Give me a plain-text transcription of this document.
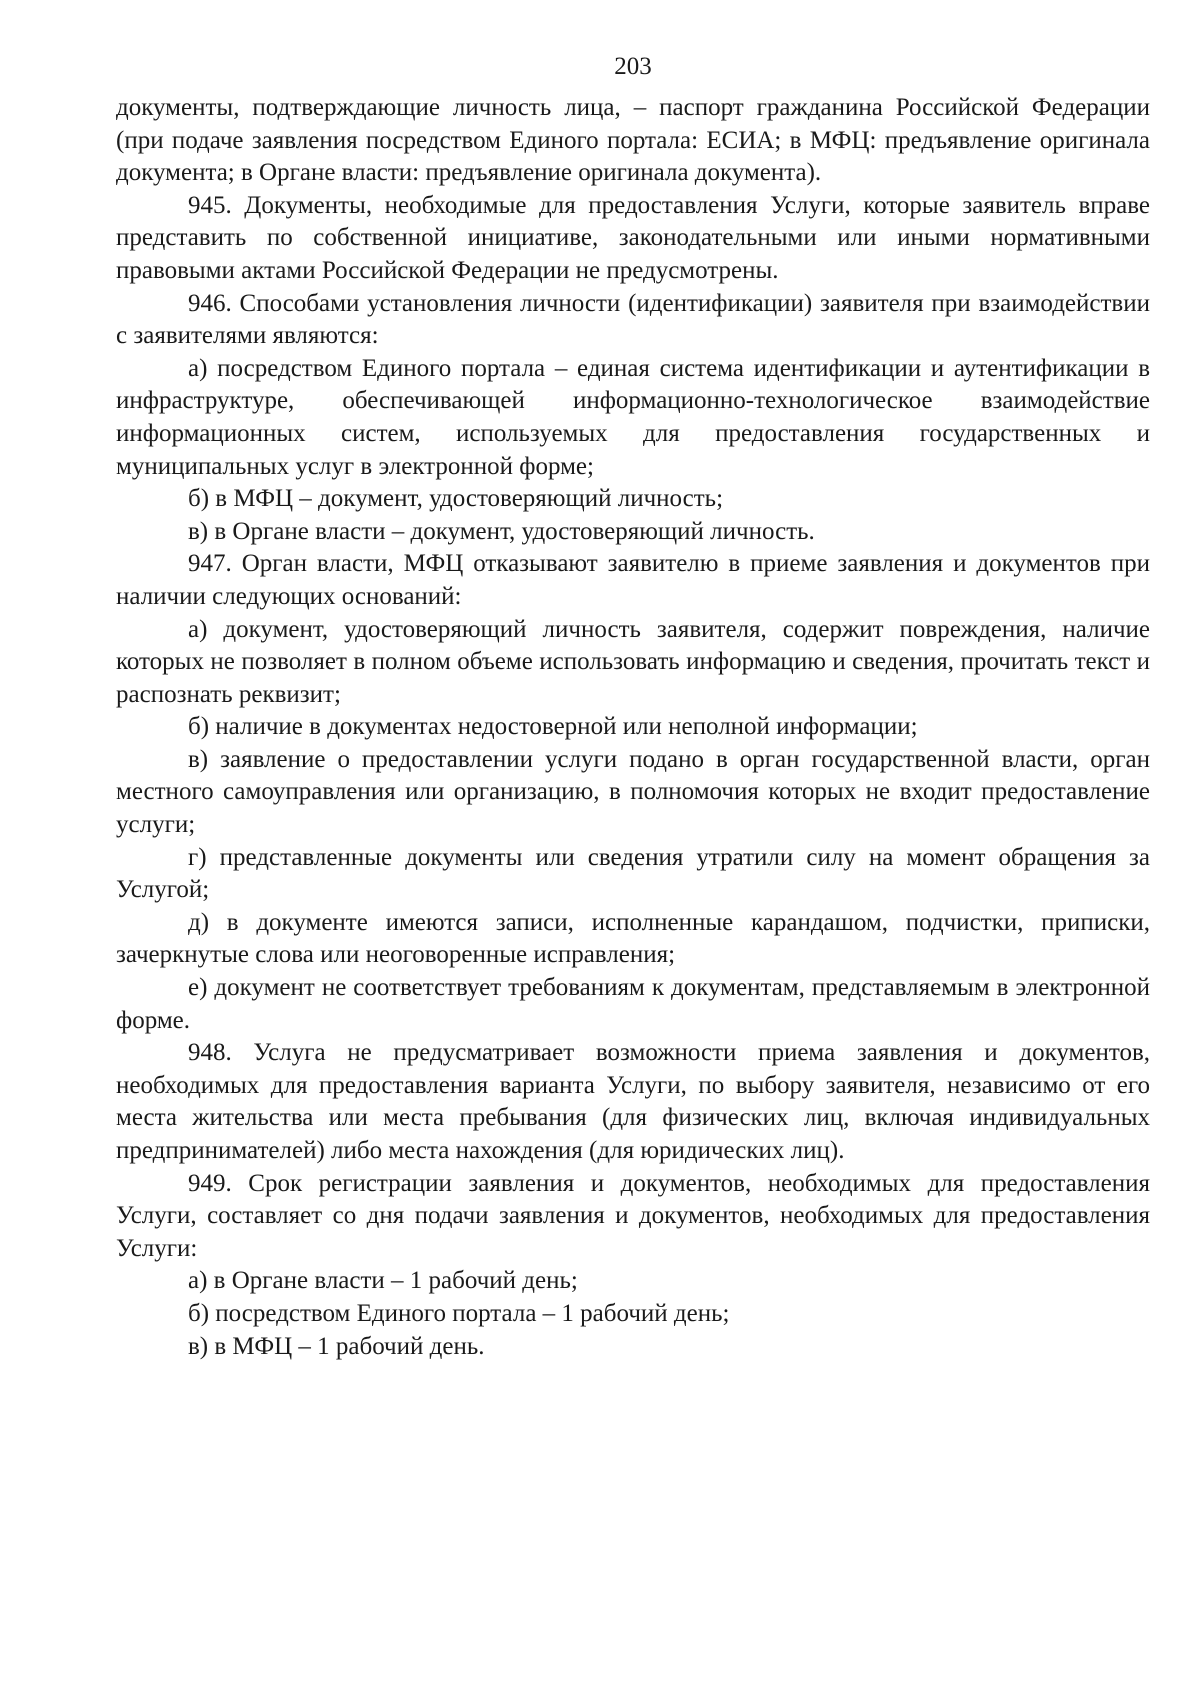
203

документы, подтверждающие личность лица, – паспорт гражданина Российской Федерации (при подаче заявления посредством Единого портала: ЕСИА; в МФЦ: предъявление оригинала документа; в Органе власти: предъявление оригинала документа).

945. Документы, необходимые для предоставления Услуги, которые заявитель вправе представить по собственной инициативе, законодательными или иными нормативными правовыми актами Российской Федерации не предусмотрены.

946. Способами установления личности (идентификации) заявителя при взаимодействии с заявителями являются:

а) посредством Единого портала – единая система идентификации и аутентификации в инфраструктуре, обеспечивающей информационно-технологическое взаимодействие информационных систем, используемых для предоставления государственных и муниципальных услуг в электронной форме;

б) в МФЦ – документ, удостоверяющий личность;

в) в Органе власти – документ, удостоверяющий личность.

947. Орган власти, МФЦ отказывают заявителю в приеме заявления и документов при наличии следующих оснований:

а) документ, удостоверяющий личность заявителя, содержит повреждения, наличие которых не позволяет в полном объеме использовать информацию и сведения, прочитать текст и распознать реквизит;

б) наличие в документах недостоверной или неполной информации;

в) заявление о предоставлении услуги подано в орган государственной власти, орган местного самоуправления или организацию, в полномочия которых не входит предоставление услуги;

г) представленные документы или сведения утратили силу на момент обращения за Услугой;

д) в документе имеются записи, исполненные карандашом, подчистки, приписки, зачеркнутые слова или неоговоренные исправления;

е) документ не соответствует требованиям к документам, представляемым в электронной форме.

948. Услуга не предусматривает возможности приема заявления и документов, необходимых для предоставления варианта Услуги, по выбору заявителя, независимо от его места жительства или места пребывания (для физических лиц, включая индивидуальных предпринимателей) либо места нахождения (для юридических лиц).

949. Срок регистрации заявления и документов, необходимых для предоставления Услуги, составляет со дня подачи заявления и документов, необходимых для предоставления Услуги:

а) в Органе власти – 1 рабочий день;

б) посредством Единого портала – 1 рабочий день;

в) в МФЦ – 1 рабочий день.
